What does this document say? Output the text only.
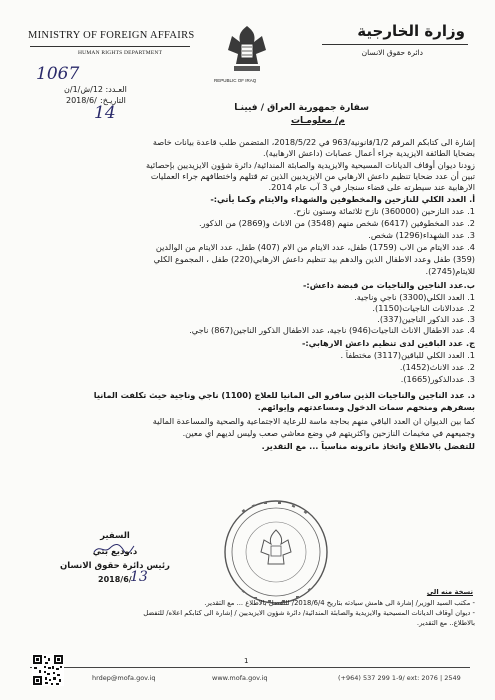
MINISTRY OF FOREIGN AFFAIRS
HUMAN RIGHTS DEPARTMENT
REPUBLIC OF IRAQ
وزارة الخارجية
دائرة حقوق الانسان
1067
العـدد: 12/ش/1/ن
التاريـخ:
2018/6/
14	سفارة جمهورية العراق / فيينـا
م/ معلومـات
إشارة الى كتابكم المرقم 1/2/قانونية/963 في 2018/5/22، المتضمن طلب قاعدة بيانات خاصة
بضحايا الطائفة الايزيدية جراء أعمال عصابات (داعش الارهابية).
زودنا ديوان أوقاف الديانات المسيحية والايزيدية والصابئة المندائية/ دائرة شؤون الايزيديين بإحصائية
تبين أن عدد ضحايا تنظيم داعش الارهابي من الايزيديين الذين تم قتلهم واختطافهم جراء العمليات
الارهابية عند سيطرته على قضاء سنجار في 3 آب عام 2014.
أ. العدد الكلي للنازحين والمخطوفين والشهداء والايتام وكما يأتي:-
1. عدد النازحين (360000) نازح ثلاثمائة وستون نازح.
2. عدد المخطوفين (6417) شخص منهم (3548) من الاناث و(2869) من الذكور.
3. عدد الشهداء(1296) شخص.
4. عدد الايتام من الاب (1759) طفل، عدد الايتام من الام (407) طفل، عدد الايتام من الوالدين
(359) طفل وعدد الاطفال الذين والدهم بيد تنظيم داعش الارهابي(220) طفل ، المجموع الكلي
للايتام(2745).
ب.عدد الناجين والناجيات من قبضة داعش:-
1. العدد الكلي(3300) ناجي وناجية.
2. عددالانات الناجيات(1150).
3. عدد الذكور الناجين(337).
4. عدد الاطفال الاناث الناجيات(946) ناجية، عدد الاطفال الذكور الناجين(867) ناجي.
ج. عدد الباقين لدى تنظيم داعش الارهابي:-
1. العدد الكلي للباقين(3117) مختطفاً .
2. عدد الاناث(1452).
3. عددالذكور(1665).
د. عدد الناجين والناجيات الذين سافرو الى المانيا للعلاج (1100) ناجي وناجية حيث تكلفت المانيا
بسفرهم ومنحهم سمات الدخول ومساعدتهم وإيوائهم.
كما بين الديوان ان العدد الباقي منهم بحاجة ماسة للرعاية الاجتماعية والصحية والمساعدة المالية
وجميعهم في مخيمات النازحين واكثريتهم في وضع معاشي صعب وليس لديهم اي معين.
للتفضل بالاطلاع واتخاذ ماترونه مناسباً ... مع التقدير.
السفير
د.وديع بتي
رئيس دائرة حقوق الانسان
2018/6/
13
نسخة منه الى
- مكتب السيد الوزير/ إشارة الى هامش سيادته بتاريخ 2018/6/4/ للتفضل بالاطلاع ... مع التقدير.
- ديوان أوقاف الديانات المسيحية والايزيدية والصابئة المندائية/ دائرة شؤون الايزيديين / إشارة الى كتابكم اعلاه/ للتفضل
بالاطلاع.. مع التقدير.
1
hrdep@mofa.gov.iq	www.mofa.gov.iq	(+964) 537 299 1-9/ ext: 2076 | 2549
